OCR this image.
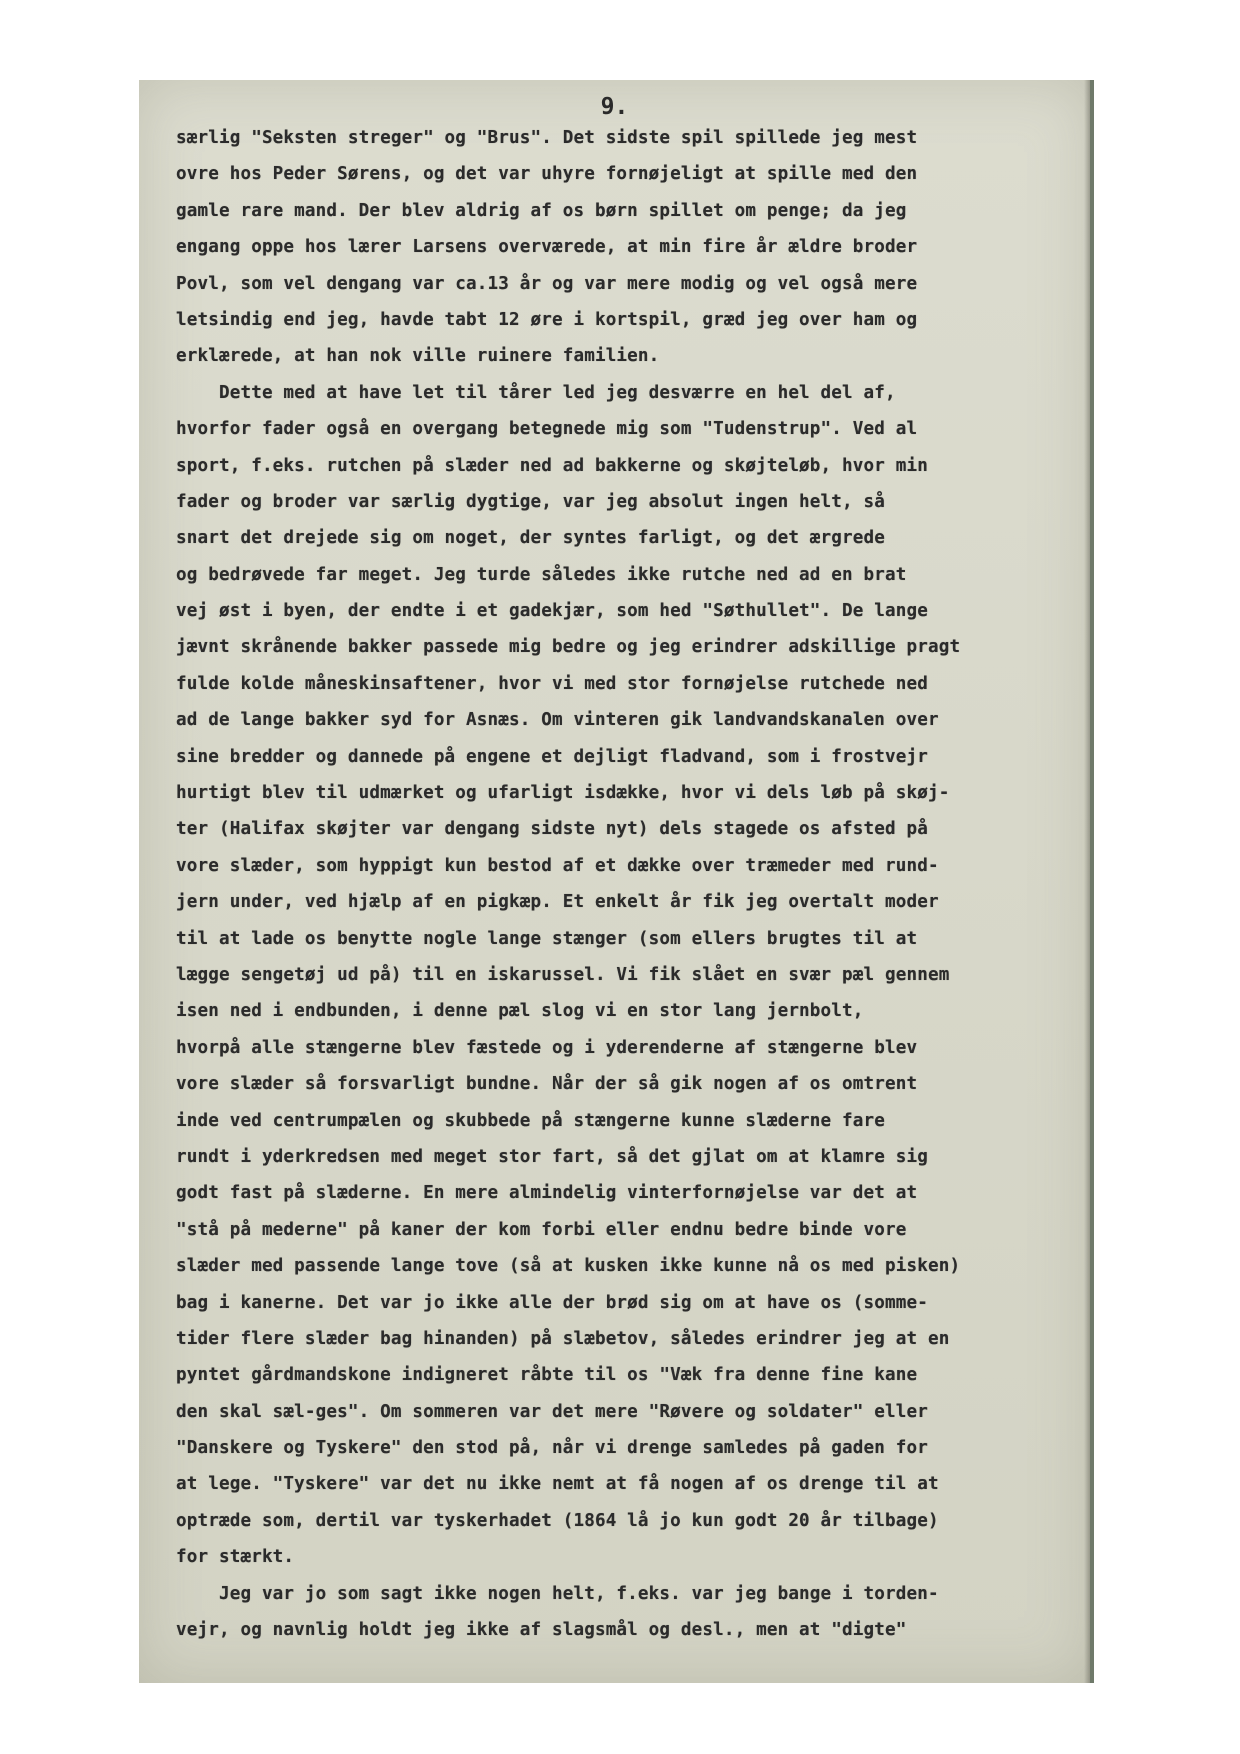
9.

særlig "Seksten streger" og "Brus". Det sidste spil spillede jeg mest
ovre hos Peder Sørens, og det var uhyre fornøjeligt at spille med den
gamle rare mand. Der blev aldrig af os børn spillet om penge; da jeg
engang oppe hos lærer Larsens overværede, at min fire år ældre broder
Povl, som vel dengang var ca.13 år og var mere modig og vel også mere
letsindig end jeg, havde tabt 12 øre i kortspil, græd jeg over ham og
erklærede, at han nok ville ruinere familien.
Dette med at have let til tårer led jeg desværre en hel del af,
hvorfor fader også en overgang betegnede mig som "Tudenstrup". Ved al
sport, f.eks. rutchen på slæder ned ad bakkerne og skøjteløb, hvor min
fader og broder var særlig dygtige, var jeg absolut ingen helt, så
snart det drejede sig om noget, der syntes farligt, og det ærgrede
og bedrøvede far meget. Jeg turde således ikke rutche ned ad en brat
vej øst i byen, der endte i et gadekjær, som hed "Søthullet". De lange
jævnt skrånende bakker passede mig bedre og jeg erindrer adskillige pragt
fulde kolde måneskinsaftener, hvor vi med stor fornøjelse rutchede ned
ad de lange bakker syd for Asnæs. Om vinteren gik landvandskanalen over
sine bredder og dannede på engene et dejligt fladvand, som i frostvejr
hurtigt blev til udmærket og ufarligt isdække, hvor vi dels løb på skøj-
ter (Halifax skøjter var dengang sidste nyt) dels stagede os afsted på
vore slæder, som hyppigt kun bestod af et dække over træmeder med rund-
jern under, ved hjælp af en pigkæp. Et enkelt år fik jeg overtalt moder
til at lade os benytte nogle lange stænger (som ellers brugtes til at
lægge sengetøj ud på) til en iskarussel. Vi fik slået en svær pæl gennem
isen ned i endbunden, i denne pæl slog vi en stor lang jernbolt,
hvorpå alle stængerne blev fæstede og i yderenderne af stængerne blev
vore slæder så forsvarligt bundne. Når der så gik nogen af os omtrent
inde ved centrumpælen og skubbede på stængerne kunne slæderne fare
rundt i yderkredsen med meget stor fart, så det gjlat om at klamre sig
godt fast på slæderne. En mere almindelig vinterfornøjelse var det at
"stå på mederne" på kaner der kom forbi eller endnu bedre binde vore
slæder med passende lange tove (så at kusken ikke kunne nå os med pisken)
bag i kanerne. Det var jo ikke alle der brød sig om at have os (somme-
tider flere slæder bag hinanden) på slæbetov, således erindrer jeg at en
pyntet gårdmandskone indigneret råbte til os "Væk fra denne fine kane
den skal sæl-ges". Om sommeren var det mere "Røvere og soldater" eller
"Danskere og Tyskere" den stod på, når vi drenge samledes på gaden for
at lege. "Tyskere" var det nu ikke nemt at få nogen af os drenge til at
optræde som, dertil var tyskerhadet (1864 lå jo kun godt 20 år tilbage)
for stærkt.
Jeg var jo som sagt ikke nogen helt, f.eks. var jeg bange i torden-
vejr, og navnlig holdt jeg ikke af slagsmål og desl., men at "digte"
